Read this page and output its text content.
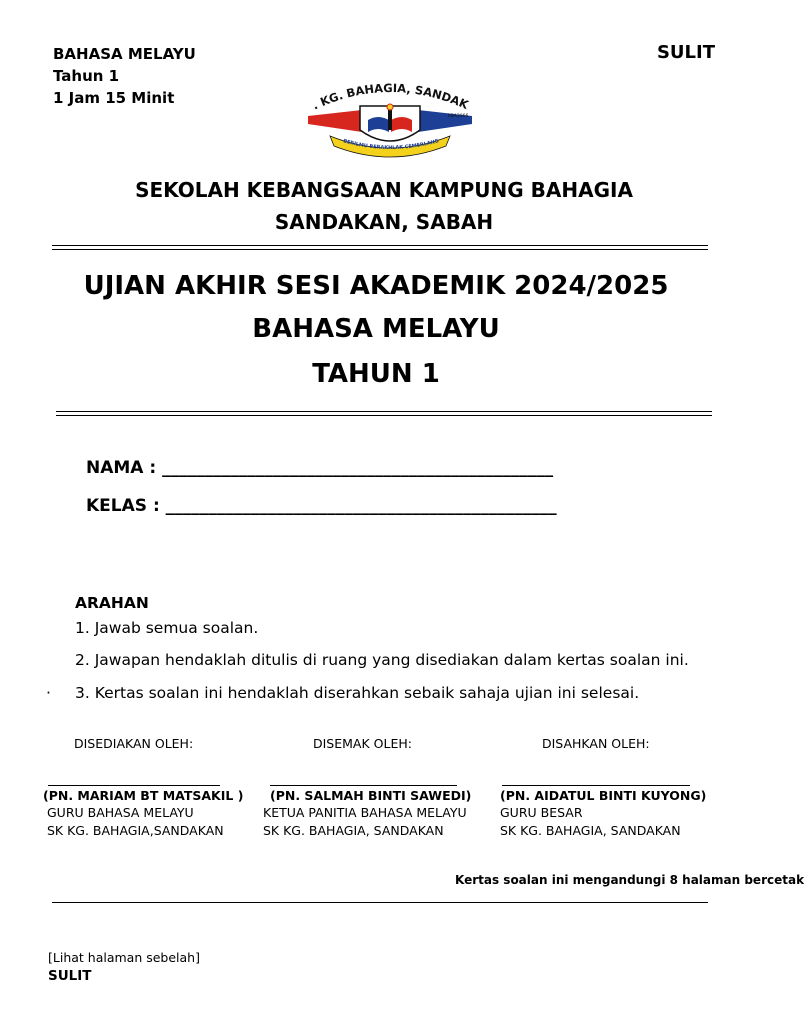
BAHASA MELAYU
Tahun 1
1 Jam 15 Minit
SULIT
. KG. BAHAGIA, SANDAK
XBA3066
BERILMU BERAKHLAK CEMERLANG
SEKOLAH KEBANGSAAN KAMPUNG BAHAGIA
SANDAKAN, SABAH
UJIAN AKHIR SESI AKADEMIK 2024/2025
BAHASA MELAYU
TAHUN 1
NAMA : ______________________________________________
KELAS : ______________________________________________
ARAHAN
1. Jawab semua soalan.
2. Jawapan hendaklah ditulis di ruang yang disediakan dalam kertas soalan ini.
· 3. Kertas soalan ini hendaklah diserahkan sebaik sahaja ujian ini selesai.
DISEDIAKAN OLEH:	DISEMAK OLEH:	DISAHKAN OLEH:
(PN. MARIAM BT MATSAKIL ) (PN. SALMAH BINTI SAWEDI) (PN. AIDATUL BINTI KUYONG)
GURU BAHASA MELAYU	KETUA PANITIA BAHASA MELAYU	GURU BESAR
SK KG. BAHAGIA,SANDAKAN	SK KG. BAHAGIA, SANDAKAN	SK KG. BAHAGIA, SANDAKAN
Kertas soalan ini mengandungi 8 halaman bercetak
[Lihat halaman sebelah]
SULIT
